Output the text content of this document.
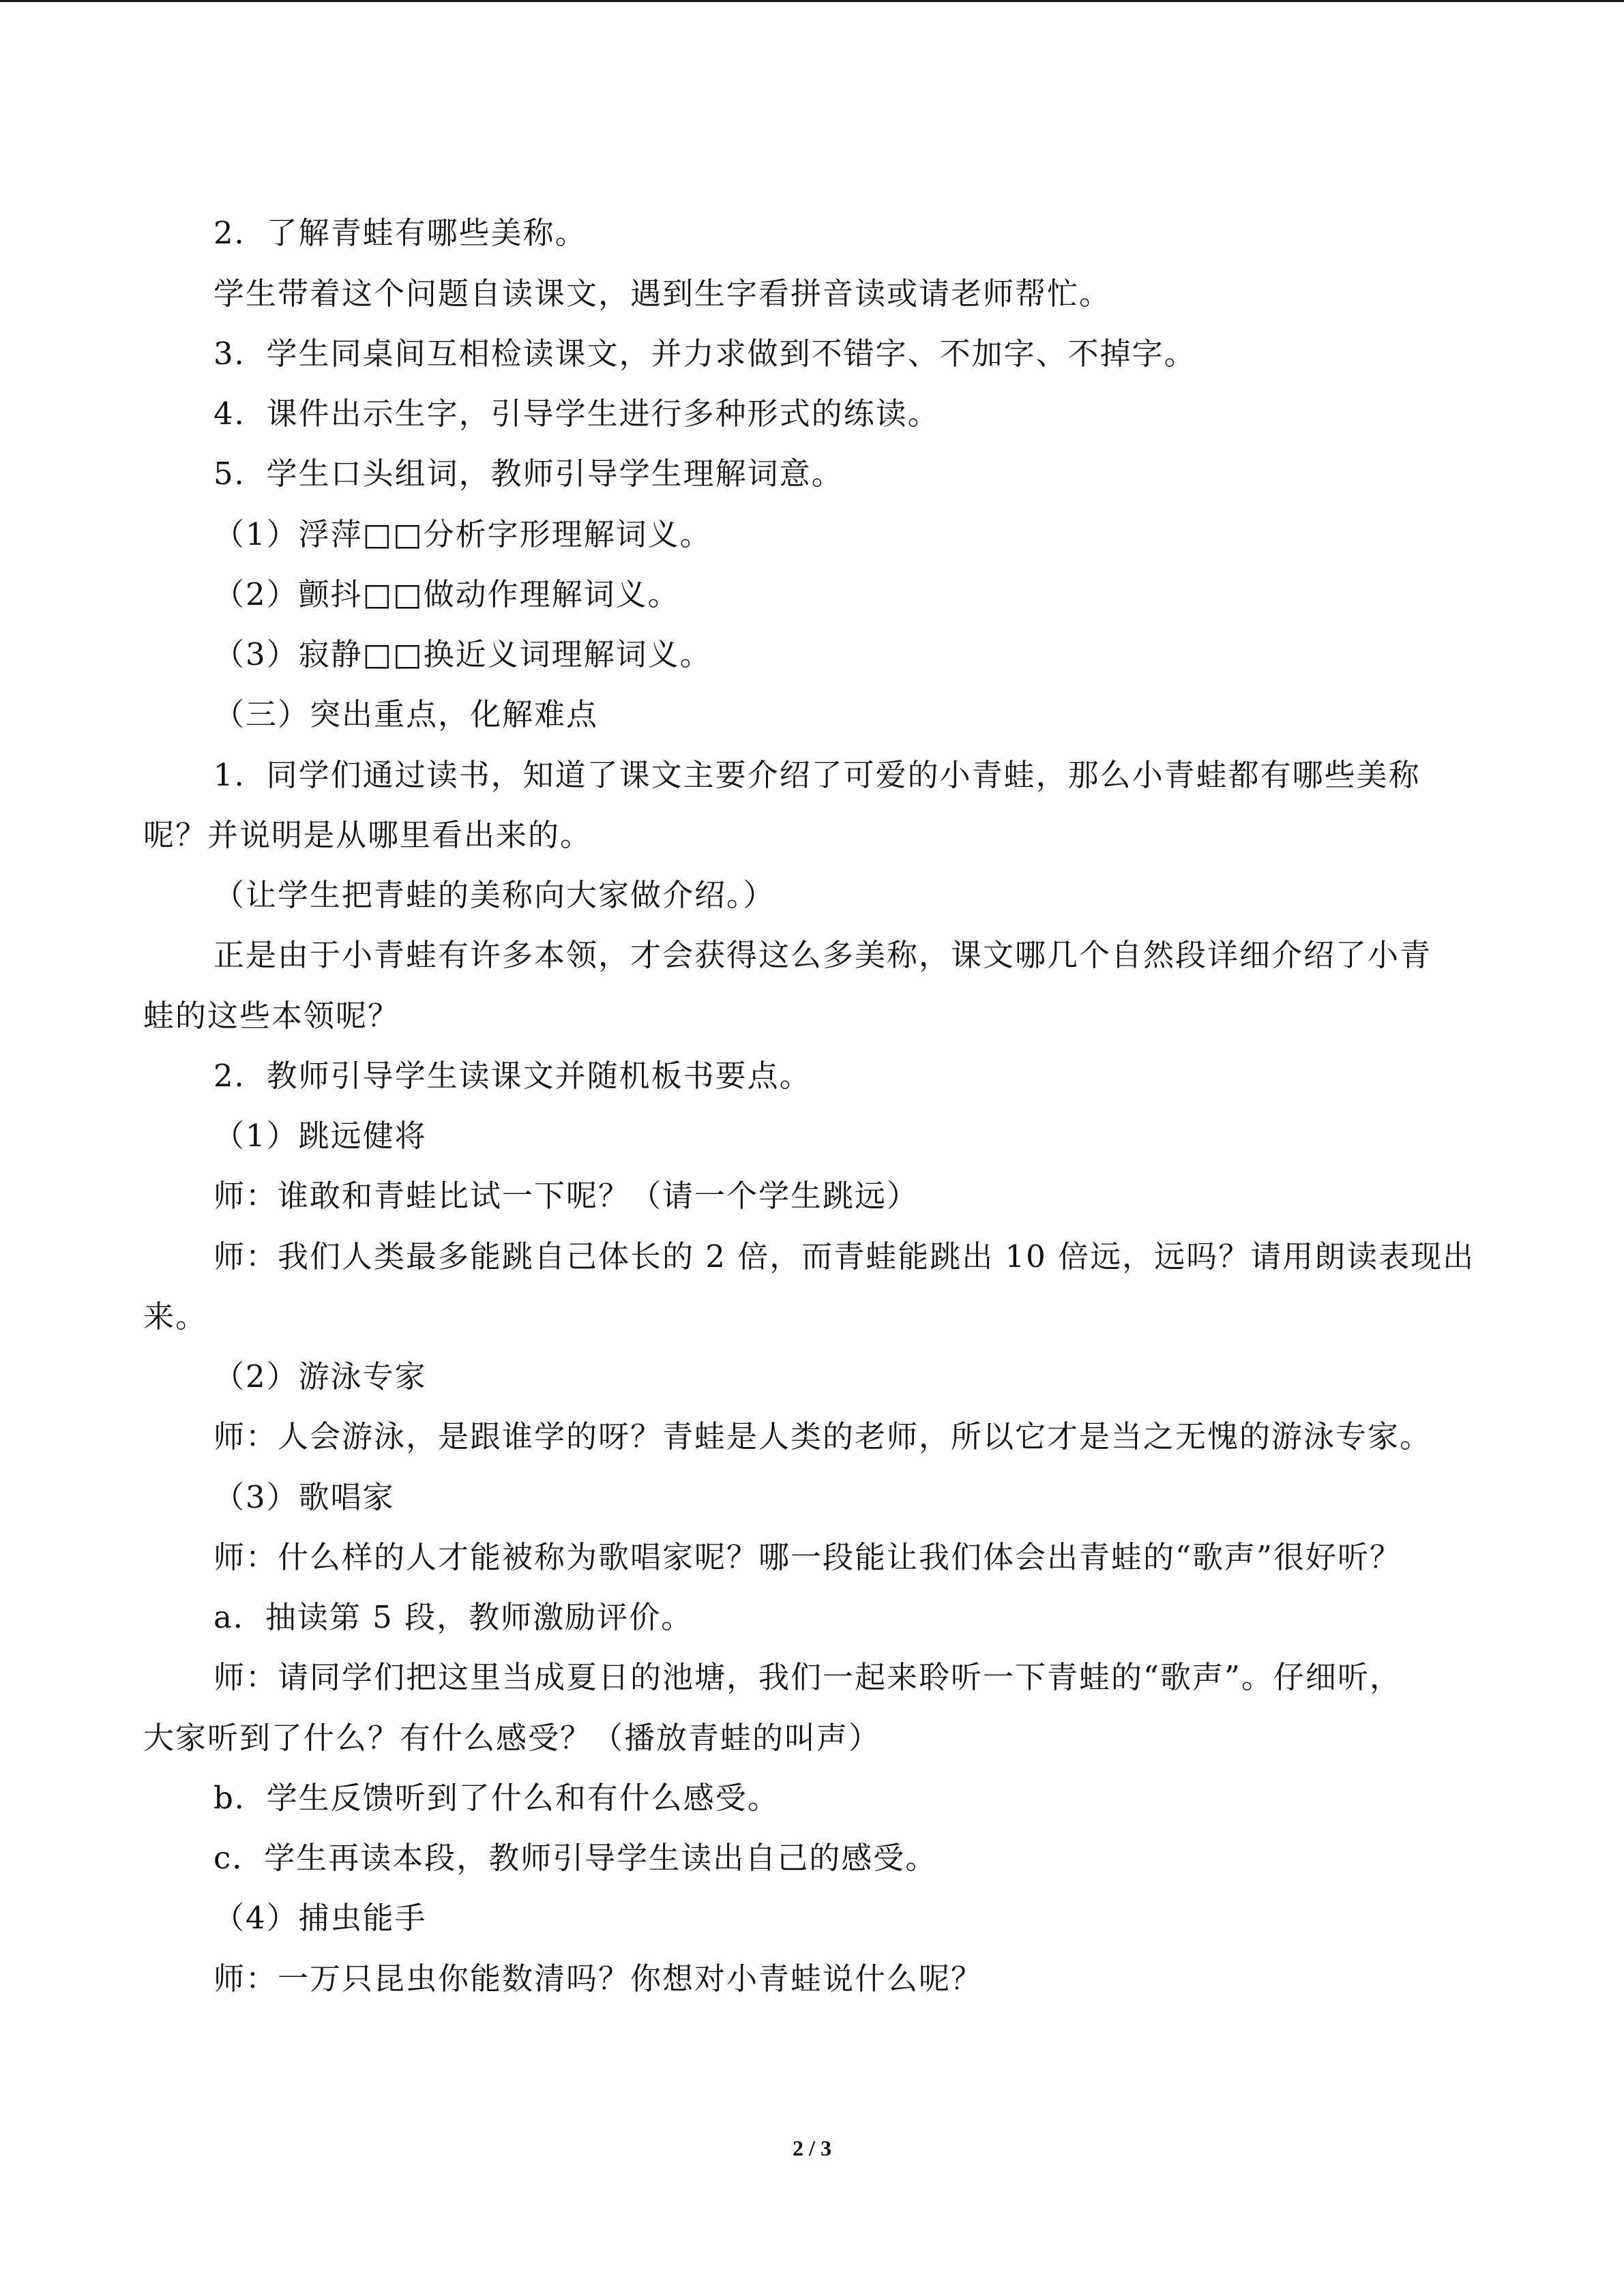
2．了解青蛙有哪些美称。

学生带着这个问题自读课文，遇到生字看拼音读或请老师帮忙。

3．学生同桌间互相检读课文，并力求做到不错字、不加字、不掉字。

4．课件出示生字，引导学生进行多种形式的练读。

5．学生口头组词，教师引导学生理解词意。

（1）浮萍□□分析字形理解词义。

（2）颤抖□□做动作理解词义。

（3）寂静□□换近义词理解词义。

（三）突出重点，化解难点

1．同学们通过读书，知道了课文主要介绍了可爱的小青蛙，那么小青蛙都有哪些美称

呢？并说明是从哪里看出来的。

（让学生把青蛙的美称向大家做介绍。）

正是由于小青蛙有许多本领，才会获得这么多美称，课文哪几个自然段详细介绍了小青

蛙的这些本领呢？

2．教师引导学生读课文并随机板书要点。

（1）跳远健将

师：谁敢和青蛙比试一下呢？（请一个学生跳远）

师：我们人类最多能跳自己体长的 2 倍，而青蛙能跳出 10 倍远，远吗？请用朗读表现出

来。

（2）游泳专家

师：人会游泳，是跟谁学的呀？青蛙是人类的老师，所以它才是当之无愧的游泳专家。

（3）歌唱家

师：什么样的人才能被称为歌唱家呢？哪一段能让我们体会出青蛙的“歌声”很好听？

a．抽读第 5 段，教师激励评价。

师：请同学们把这里当成夏日的池塘，我们一起来聆听一下青蛙的“歌声”。仔细听，

大家听到了什么？有什么感受？（播放青蛙的叫声）

b．学生反馈听到了什么和有什么感受。

c．学生再读本段，教师引导学生读出自己的感受。

（4）捕虫能手

师：一万只昆虫你能数清吗？你想对小青蛙说什么呢？

2 / 3
